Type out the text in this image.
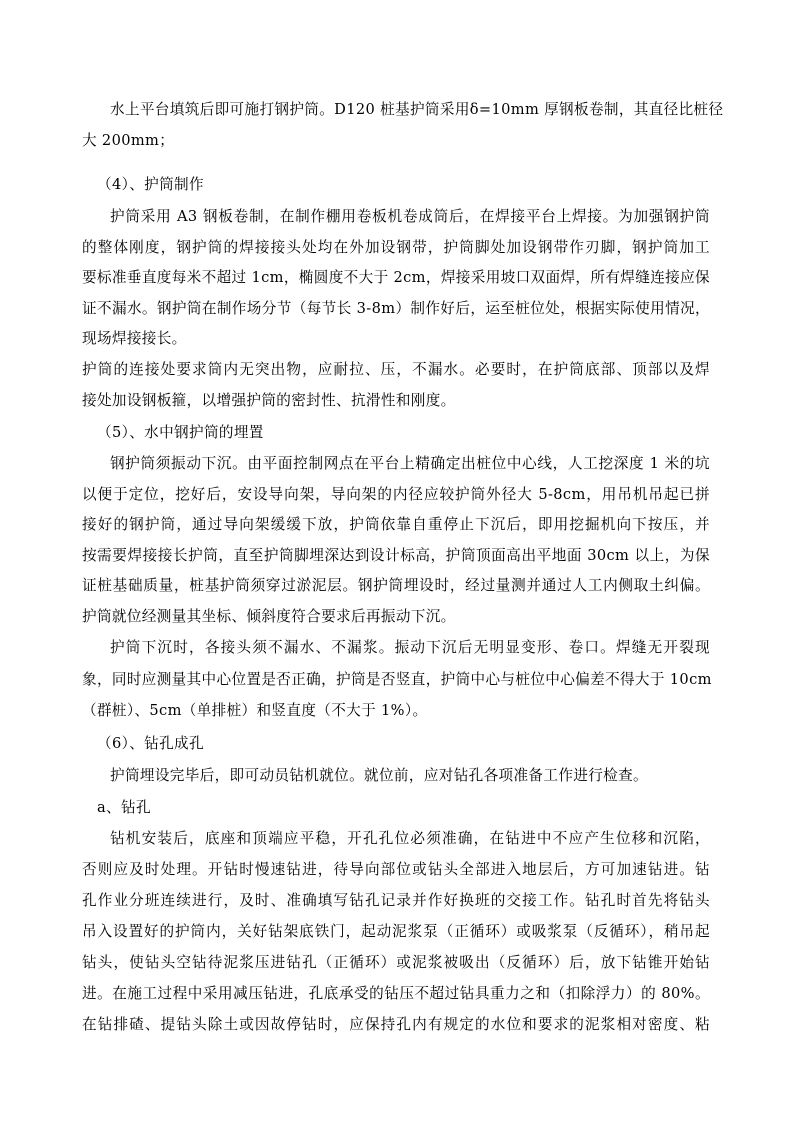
水上平台填筑后即可施打钢护筒。D120 桩基护筒采用δ=10mm 厚钢板卷制，其直径比桩径
大 200mm；
（4）、护筒制作
护筒采用 A3 钢板卷制，在制作棚用卷板机卷成筒后，在焊接平台上焊接。为加强钢护筒
的整体刚度，钢护筒的焊接接头处均在外加设钢带，护筒脚处加设钢带作刃脚，钢护筒加工
要标准垂直度每米不超过 1cm，椭圆度不大于 2cm，焊接采用坡口双面焊，所有焊缝连接应保
证不漏水。钢护筒在制作场分节（每节长 3-8m）制作好后，运至桩位处，根据实际使用情况，
现场焊接接长。
护筒的连接处要求筒内无突出物，应耐拉、压，不漏水。必要时，在护筒底部、顶部以及焊
接处加设钢板箍，以增强护筒的密封性、抗滑性和刚度。
（5）、水中钢护筒的埋置
钢护筒须振动下沉。由平面控制网点在平台上精确定出桩位中心线，人工挖深度 1 米的坑
以便于定位，挖好后，安设导向架，导向架的内径应较护筒外径大 5-8cm，用吊机吊起已拼
接好的钢护筒，通过导向架缓缓下放，护筒依靠自重停止下沉后，即用挖掘机向下按压，并
按需要焊接接长护筒，直至护筒脚埋深达到设计标高，护筒顶面高出平地面 30cm 以上，为保
证桩基础质量，桩基护筒须穿过淤泥层。钢护筒埋设时，经过量测并通过人工内侧取土纠偏。
护筒就位经测量其坐标、倾斜度符合要求后再振动下沉。
护筒下沉时，各接头须不漏水、不漏浆。振动下沉后无明显变形、卷口。焊缝无开裂现
象，同时应测量其中心位置是否正确，护筒是否竖直，护筒中心与桩位中心偏差不得大于 10cm
（群桩）、5cm（单排桩）和竖直度（不大于 1%）。
（6）、钻孔成孔
护筒埋设完毕后，即可动员钻机就位。就位前，应对钻孔各项准备工作进行检查。
a、钻孔
钻机安装后，底座和顶端应平稳，开孔孔位必须准确，在钻进中不应产生位移和沉陷，
否则应及时处理。开钻时慢速钻进，待导向部位或钻头全部进入地层后，方可加速钻进。钻
孔作业分班连续进行，及时、准确填写钻孔记录并作好换班的交接工作。钻孔时首先将钻头
吊入设置好的护筒内，关好钻架底铁门，起动泥浆泵（正循环）或吸浆泵（反循环），稍吊起
钻头，使钻头空钻待泥浆压进钻孔（正循环）或泥浆被吸出（反循环）后，放下钻锥开始钻
进。在施工过程中采用减压钻进，孔底承受的钻压不超过钻具重力之和（扣除浮力）的 80%。
在钻排碴、提钻头除土或因故停钻时，应保持孔内有规定的水位和要求的泥浆相对密度、粘
